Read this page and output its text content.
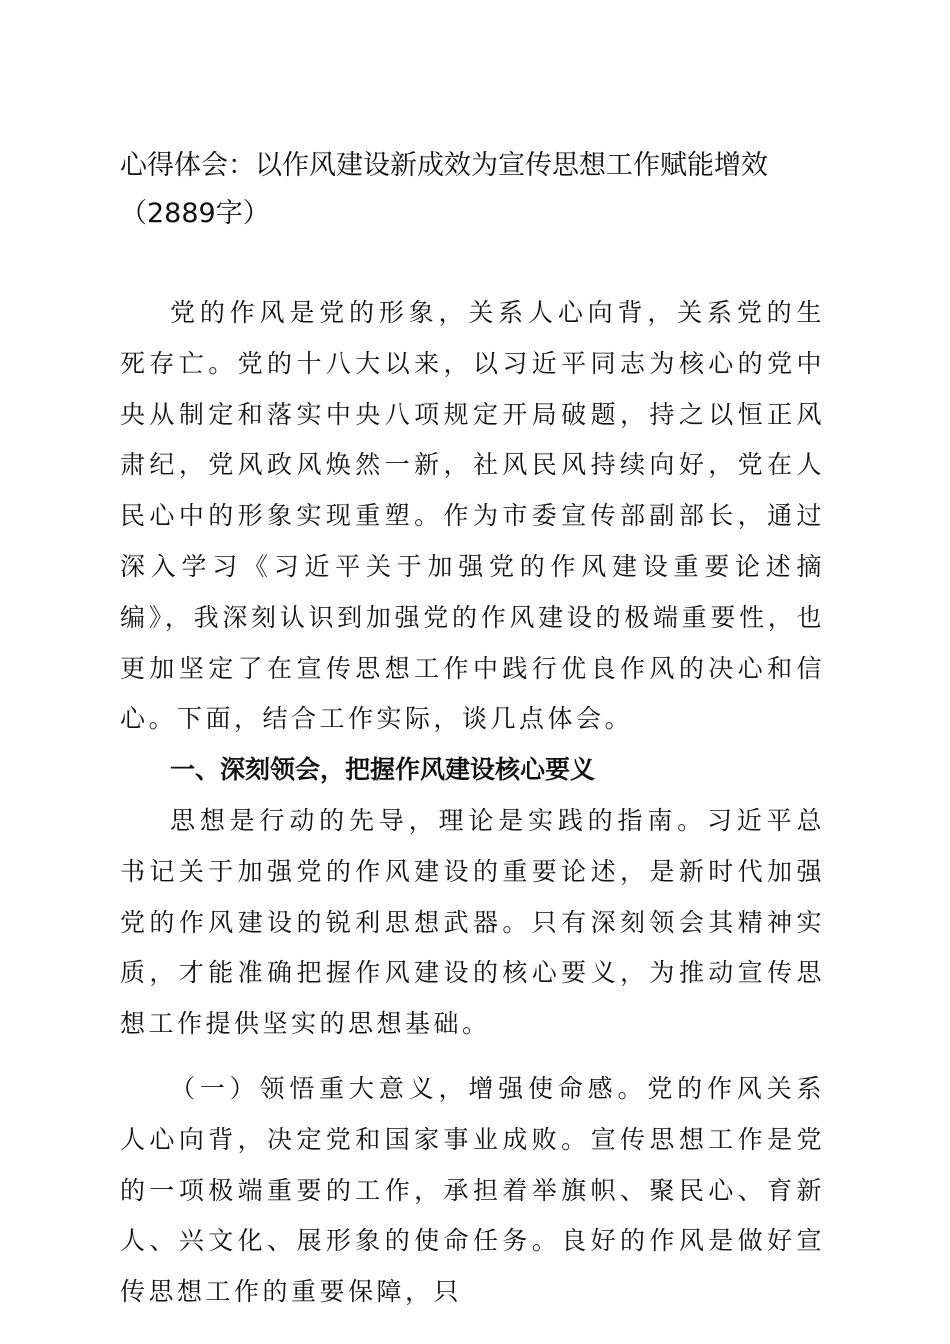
心得体会：以作风建设新成效为宣传思想工作赋能增效（2889字）

党的作风是党的形象，关系人心向背，关系党的生死存亡。党的十八大以来，以习近平同志为核心的党中央从制定和落实中央八项规定开局破题，持之以恒正风肃纪，党风政风焕然一新，社风民风持续向好，党在人民心中的形象实现重塑。作为市委宣传部副部长，通过深入学习《习近平关于加强党的作风建设重要论述摘编》，我深刻认识到加强党的作风建设的极端重要性，也更加坚定了在宣传思想工作中践行优良作风的决心和信心。下面，结合工作实际，谈几点体会。

一、深刻领会，把握作风建设核心要义

思想是行动的先导，理论是实践的指南。习近平总书记关于加强党的作风建设的重要论述，是新时代加强党的作风建设的锐利思想武器。只有深刻领会其精神实质，才能准确把握作风建设的核心要义，为推动宣传思想工作提供坚实的思想基础。

（一）领悟重大意义，增强使命感。党的作风关系人心向背，决定党和国家事业成败。宣传思想工作是党的一项极端重要的工作，承担着举旗帜、聚民心、育新人、兴文化、展形象的使命任务。良好的作风是做好宣传思想工作的重要保障，只
